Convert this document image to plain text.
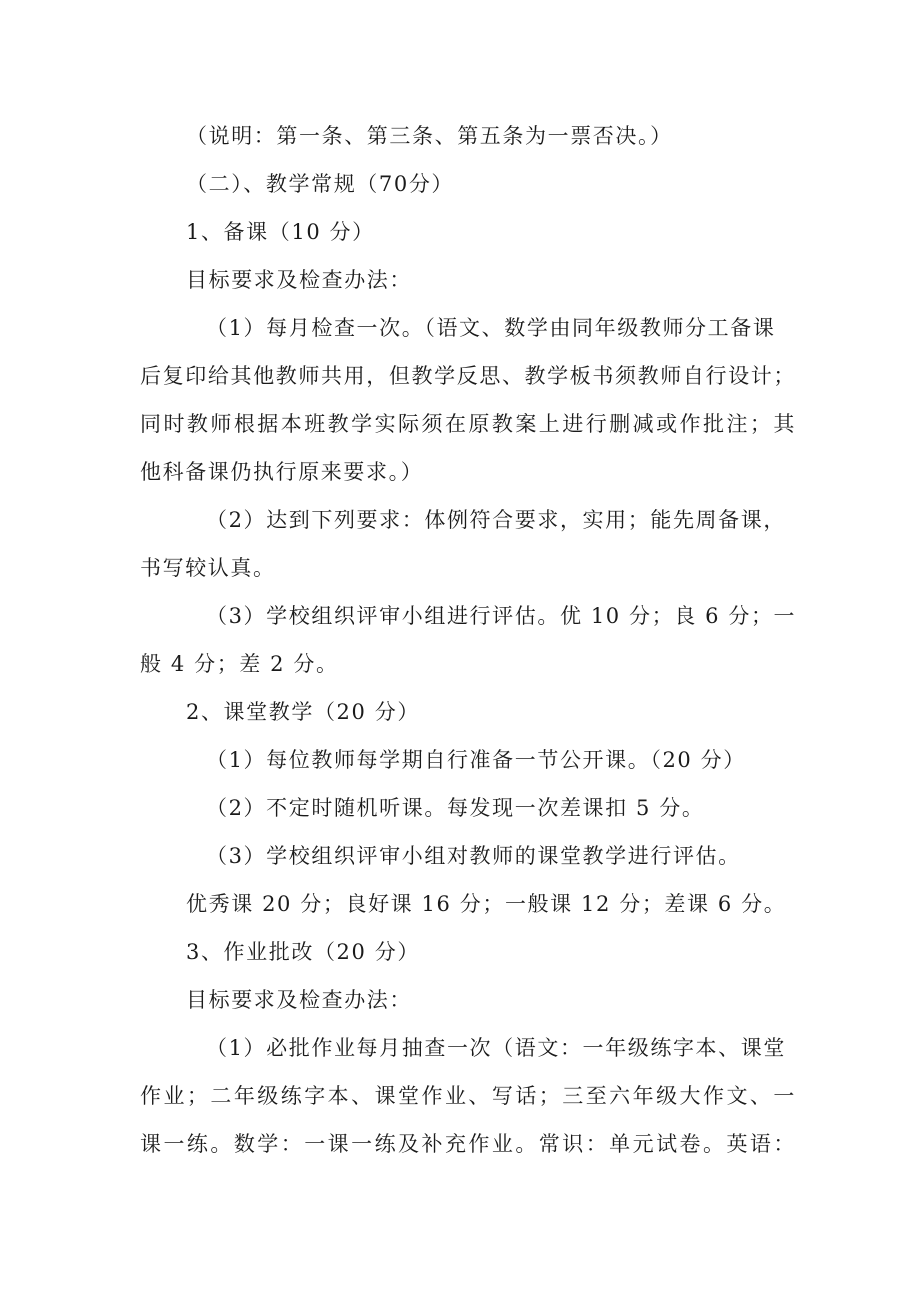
（说明：第一条、第三条、第五条为一票否决。）
（二）、教学常规（70分）
1、备课（10 分）
目标要求及检查办法：
（1）每月检查一次。（语文、数学由同年级教师分工备课
后复印给其他教师共用，但教学反思、教学板书须教师自行设计；
同时教师根据本班教学实际须在原教案上进行删减或作批注；其
他科备课仍执行原来要求。）
（2）达到下列要求：体例符合要求，实用；能先周备课，
书写较认真。
（3）学校组织评审小组进行评估。优 10 分；良 6 分；一
般 4 分；差 2 分。
2、课堂教学（20 分）
（1）每位教师每学期自行准备一节公开课。（20 分）
（2）不定时随机听课。每发现一次差课扣 5 分。
（3）学校组织评审小组对教师的课堂教学进行评估。
优秀课 20 分；良好课 16 分；一般课 12 分；差课 6 分。
3、作业批改（20 分）
目标要求及检查办法：
（1）必批作业每月抽查一次（语文：一年级练字本、课堂
作业；二年级练字本、课堂作业、写话；三至六年级大作文、一
课一练。数学：一课一练及补充作业。常识：单元试卷。英语：
